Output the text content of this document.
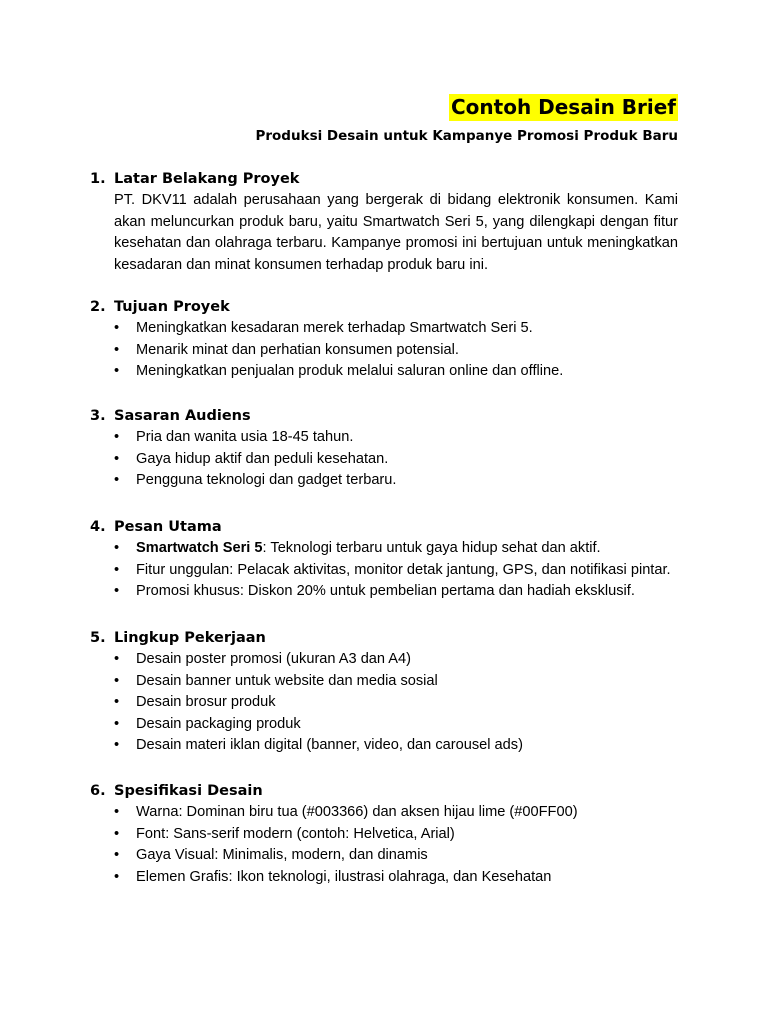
Contoh Desain Brief
Produksi Desain untuk Kampanye Promosi Produk Baru
1. Latar Belakang Proyek
PT. DKV11 adalah perusahaan yang bergerak di bidang elektronik konsumen. Kami akan meluncurkan produk baru, yaitu Smartwatch Seri 5, yang dilengkapi dengan fitur kesehatan dan olahraga terbaru. Kampanye promosi ini bertujuan untuk meningkatkan kesadaran dan minat konsumen terhadap produk baru ini.
2. Tujuan Proyek
• Meningkatkan kesadaran merek terhadap Smartwatch Seri 5.
• Menarik minat dan perhatian konsumen potensial.
• Meningkatkan penjualan produk melalui saluran online dan offline.
3. Sasaran Audiens
• Pria dan wanita usia 18-45 tahun.
• Gaya hidup aktif dan peduli kesehatan.
• Pengguna teknologi dan gadget terbaru.
4. Pesan Utama
• Smartwatch Seri 5: Teknologi terbaru untuk gaya hidup sehat dan aktif.
• Fitur unggulan: Pelacak aktivitas, monitor detak jantung, GPS, dan notifikasi pintar.
• Promosi khusus: Diskon 20% untuk pembelian pertama dan hadiah eksklusif.
5. Lingkup Pekerjaan
• Desain poster promosi (ukuran A3 dan A4)
• Desain banner untuk website dan media sosial
• Desain brosur produk
• Desain packaging produk
• Desain materi iklan digital (banner, video, dan carousel ads)
6. Spesifikasi Desain
• Warna: Dominan biru tua (#003366) dan aksen hijau lime (#00FF00)
• Font: Sans-serif modern (contoh: Helvetica, Arial)
• Gaya Visual: Minimalis, modern, dan dinamis
• Elemen Grafis: Ikon teknologi, ilustrasi olahraga, dan Kesehatan
